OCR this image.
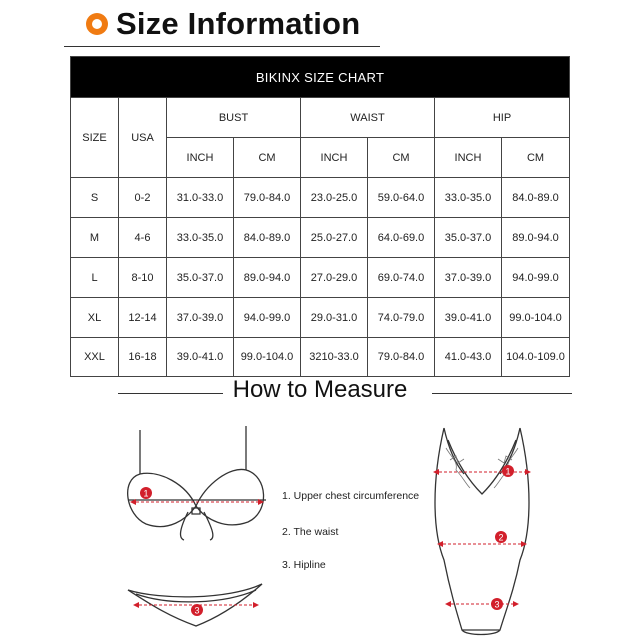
Size Information
BIKINX SIZE CHART							
SIZE	USA	BUST		WAIST		HIP	
		INCH	CM	INCH	CM	INCH	CM
S	0-2	31.0-33.0	79.0-84.0	23.0-25.0	59.0-64.0	33.0-35.0	84.0-89.0
M	4-6	33.0-35.0	84.0-89.0	25.0-27.0	64.0-69.0	35.0-37.0	89.0-94.0
L	8-10	35.0-37.0	89.0-94.0	27.0-29.0	69.0-74.0	37.0-39.0	94.0-99.0
XL	12-14	37.0-39.0	94.0-99.0	29.0-31.0	74.0-79.0	39.0-41.0	99.0-104.0
XXL	16-18	39.0-41.0	99.0-104.0	3210-33.0	79.0-84.0	41.0-43.0	104.0-109.0
How to Measure
1
3
1
2
3
1. Upper chest circumference
2. The waist
3. Hipline
